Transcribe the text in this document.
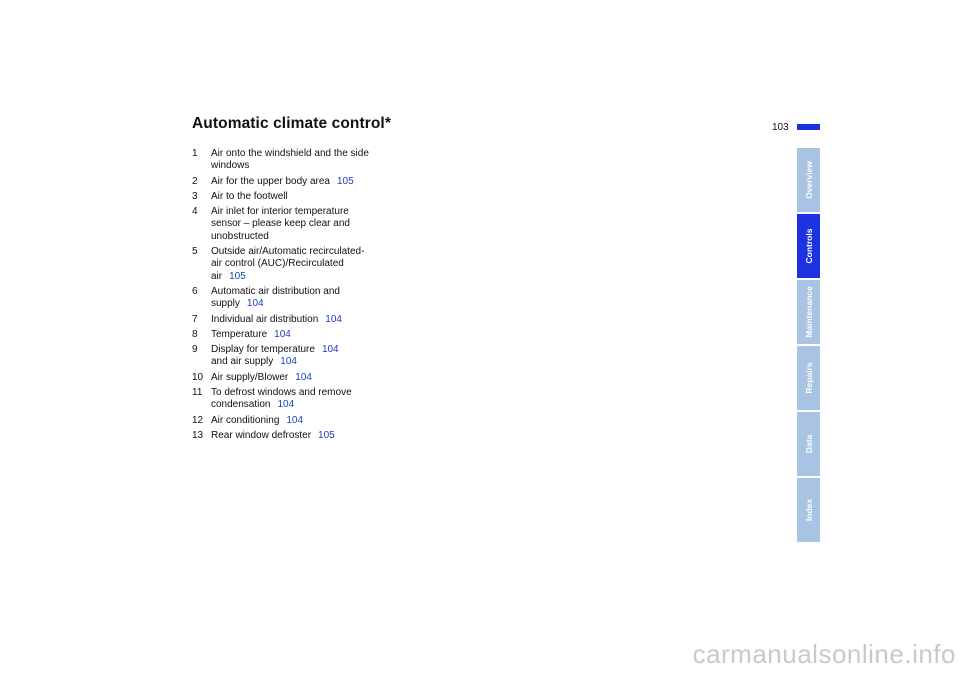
Automatic climate control*	103
1	Air onto the windshield and the side
windows
2	Air for the upper body area 105
3	Air to the footwell
4	Air inlet for interior temperature
sensor – please keep clear and
unobstructed
5	Outside air/Automatic recirculated-
air control (AUC)/Recirculated
air 105
6	Automatic air distribution and
supply 104
7	Individual air distribution 104
8	Temperature 104
9	Display for temperature 104
and air supply 104
10 Air supply/Blower 104
11 To defrost windows and remove
condensation 104
12 Air conditioning 104
13 Rear window defroster 105
Overview
Controls
Maintenance
Repairs
Data
Index
carmanualsonline.info
